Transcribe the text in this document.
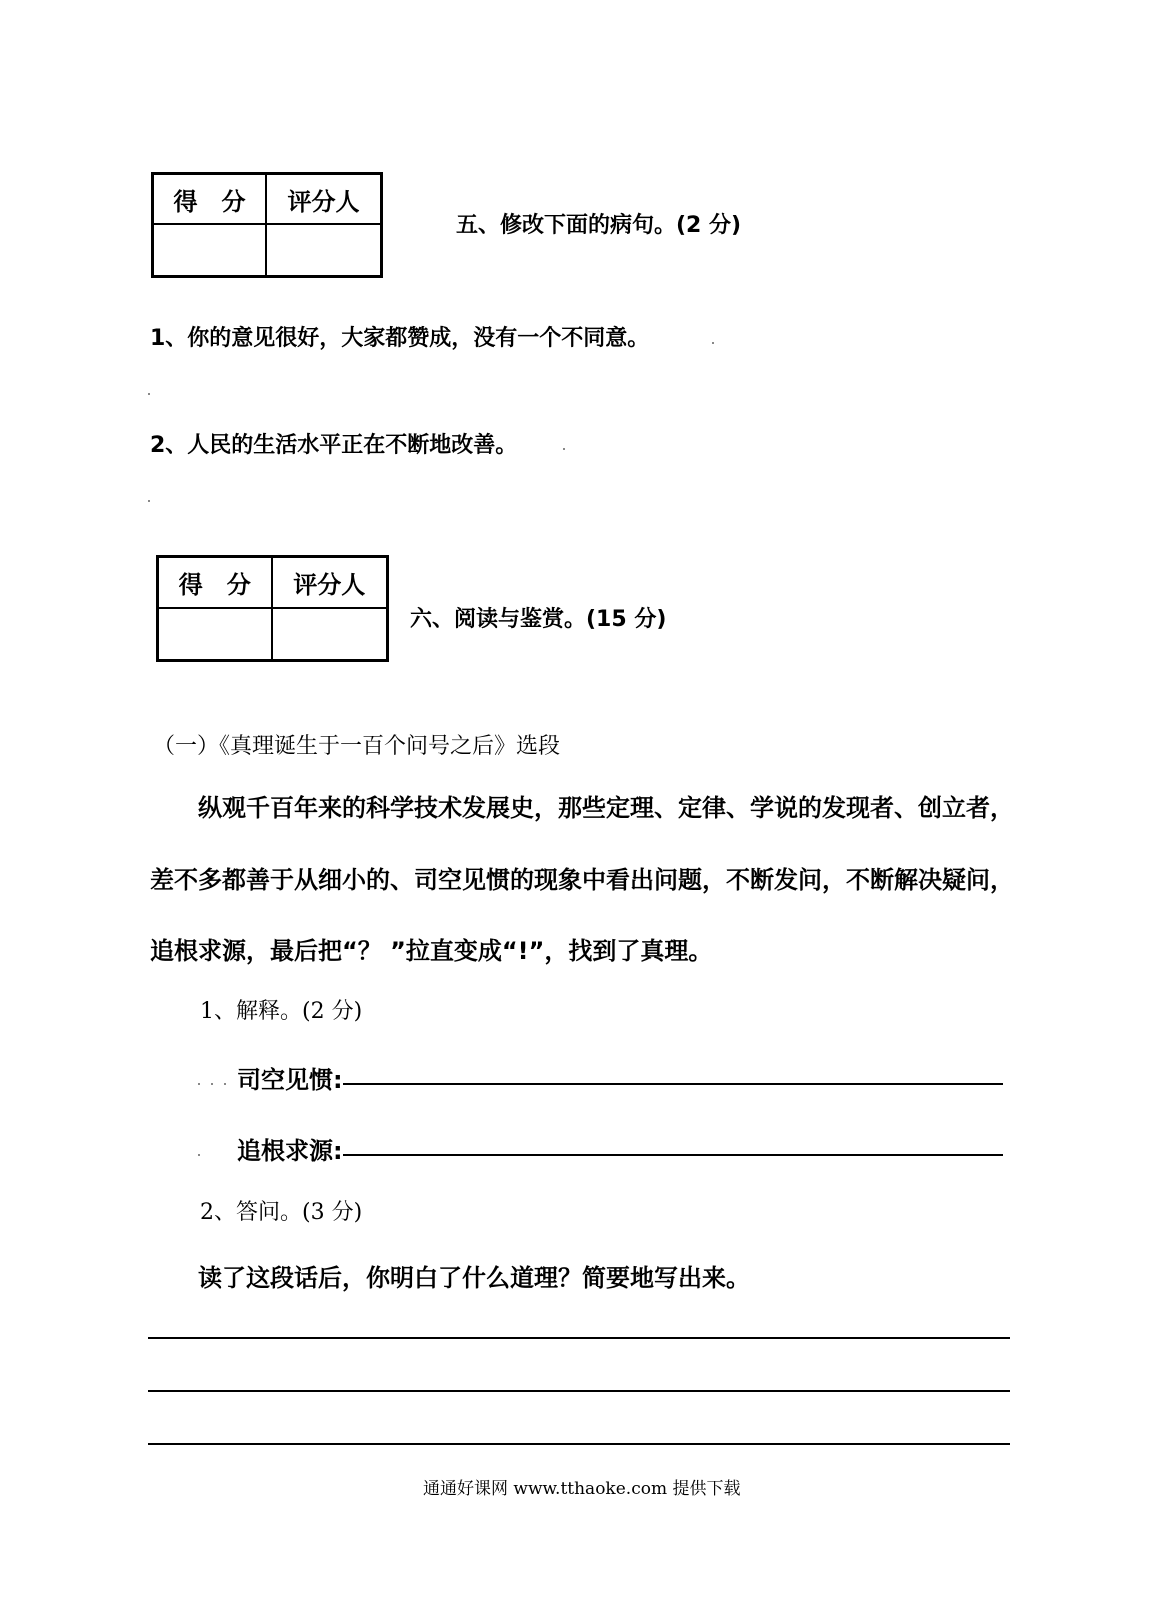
得　分	评分人
五、修改下面的病句。(2 分)
1、你的意见很好，大家都赞成，没有一个不同意。
2、人民的生活水平正在不断地改善。
得　分	评分人
六、阅读与鉴赏。(15 分)
（一）《真理诞生于一百个问号之后》选段
纵观千百年来的科学技术发展史，那些定理、定律、学说的发现者、创立者，
差不多都善于从细小的、司空见惯的现象中看出问题，不断发问，不断解决疑问，
追根求源，最后把“？ ”拉直变成“!”，找到了真理。
1、解释。(2 分)
司空见惯:
追根求源:
2、答问。(3 分)
读了这段话后，你明白了什么道理？简要地写出来。
通通好课网 www.tthaoke.com 提供下载
